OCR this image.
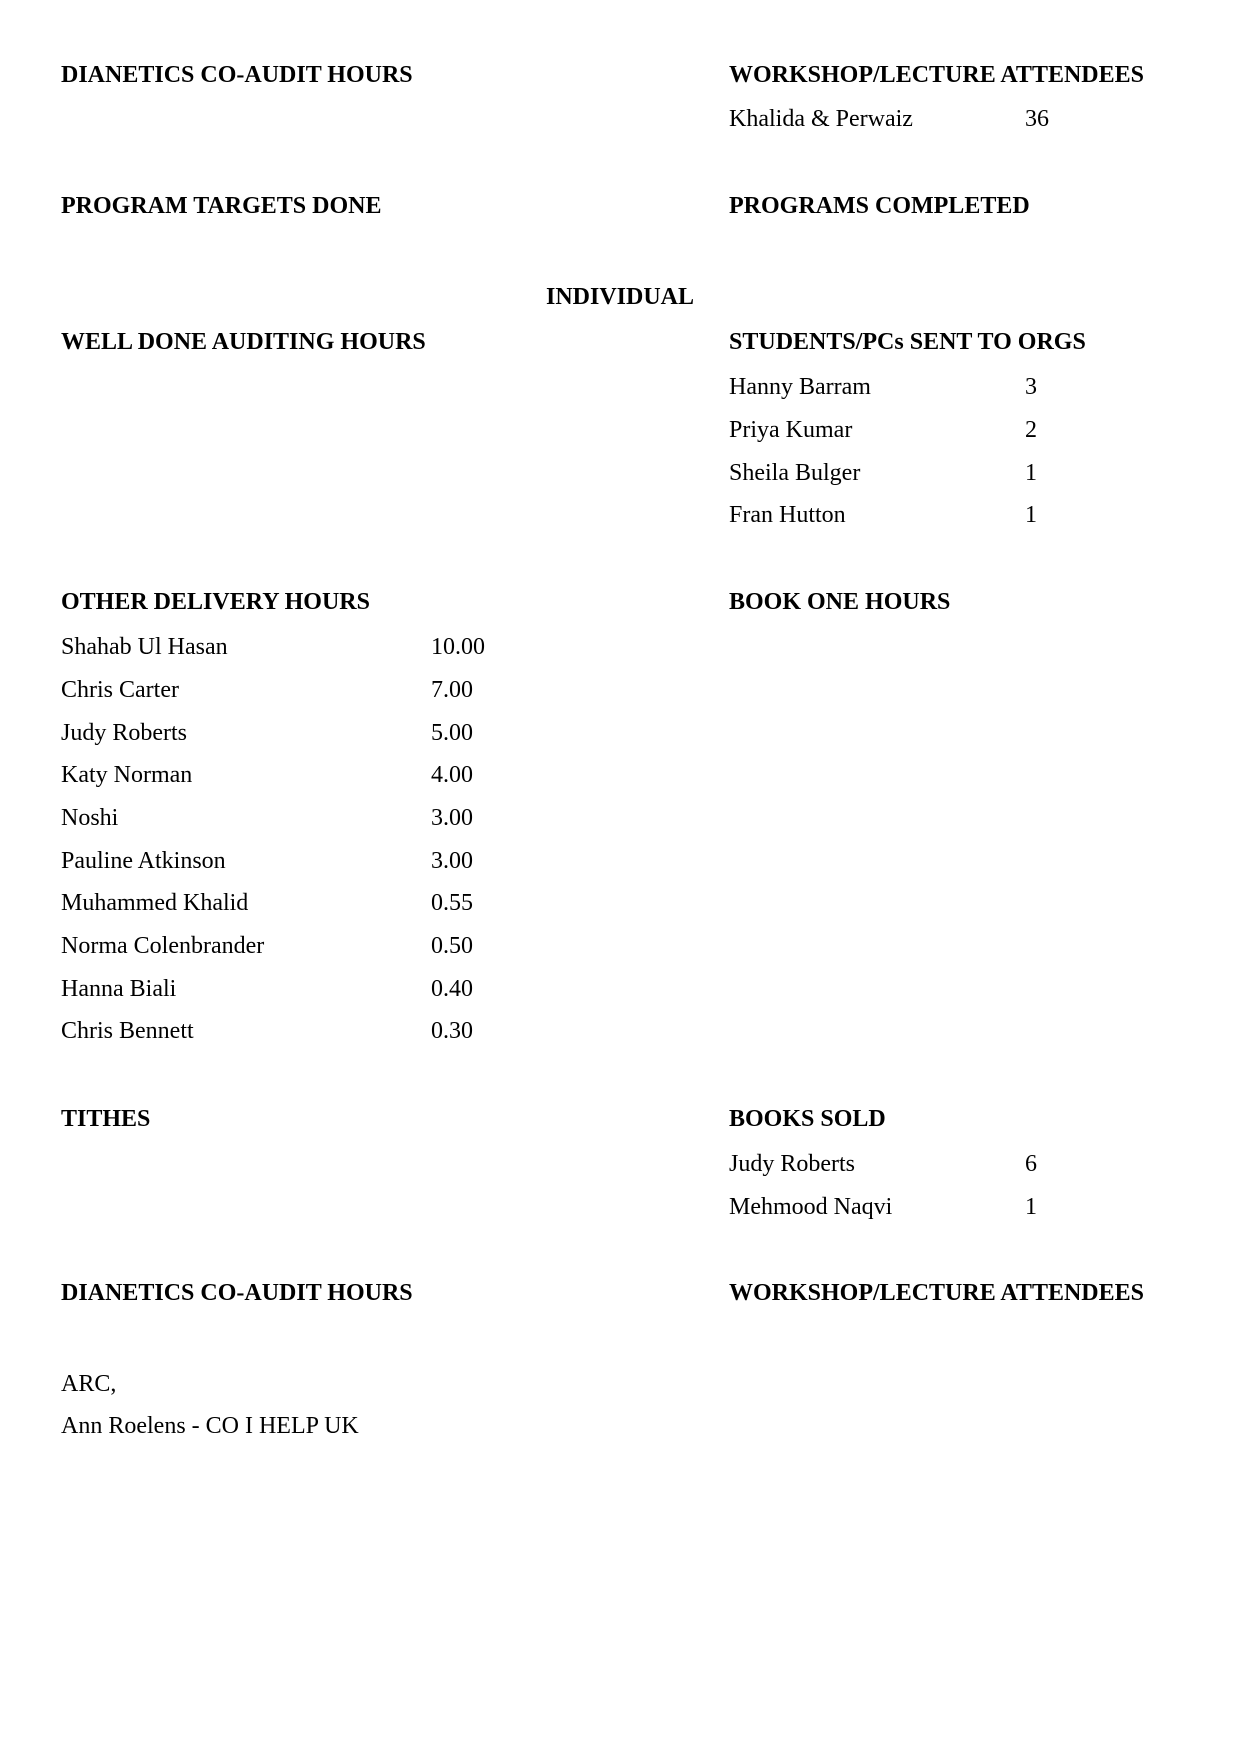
DIANETICS CO-AUDIT HOURS	WORKSHOP/LECTURE ATTENDEES
Khalida & Perwaiz	36
PROGRAM TARGETS DONE	PROGRAMS COMPLETED
INDIVIDUAL
WELL DONE AUDITING HOURS	STUDENTS/PCs SENT TO ORGS
Hanny Barram	3
Priya Kumar	2
Sheila Bulger	1
Fran Hutton	1
OTHER DELIVERY HOURS	BOOK ONE HOURS
Shahab Ul Hasan	10.00
Chris Carter	7.00
Judy Roberts	5.00
Katy Norman	4.00
Noshi	3.00
Pauline Atkinson	3.00
Muhammed Khalid	0.55
Norma Colenbrander	0.50
Hanna Biali	0.40
Chris Bennett	0.30
TITHES	BOOKS SOLD
Judy Roberts	6
Mehmood Naqvi	1
DIANETICS CO-AUDIT HOURS	WORKSHOP/LECTURE ATTENDEES
ARC,
Ann Roelens - CO I HELP UK
